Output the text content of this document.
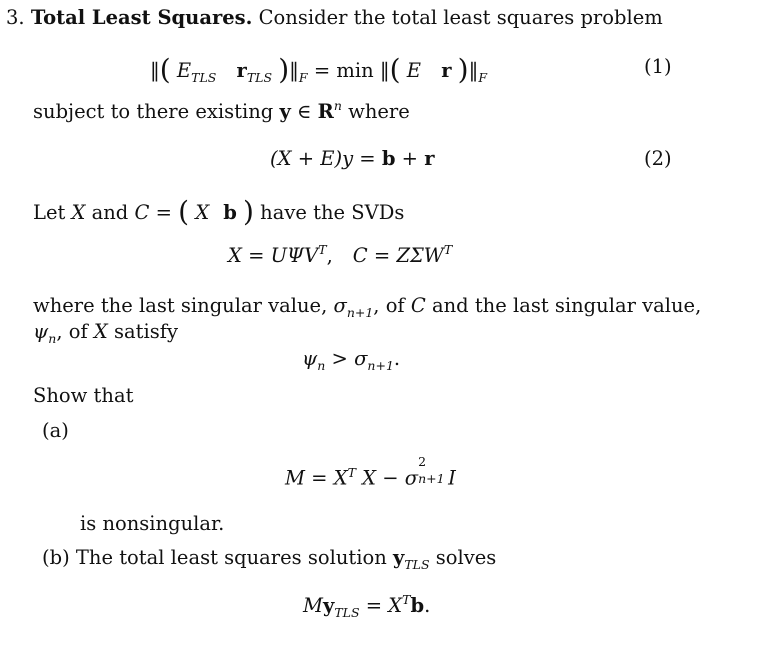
3. Total Least Squares. Consider the total least squares problem
‖( $E_{TLS}$ $r_{TLS}$ )$‖_F = \min$ ‖( E r )$‖_F$	(1)
subject to there existing y ∈ $R^n$ where
(X + E)y = b + r	(2)
Let X and C = ( X b ) have the SVDs
$X = U\Psi V^T$, $C = Z\Sigma W^T$
where the last singular value, $\sigma_{n+1}$, of C and the last singular value,
$\psi_n$, of X satisfy
$\psi_n > \sigma_{n+1}$.
Show that
(a)
$M = X^T$ X − σ
2
n+1 I
is nonsingular.
(b) The total least squares solution $y_{TLS}$ solves
$My_{TLS} = X^Tb$.
